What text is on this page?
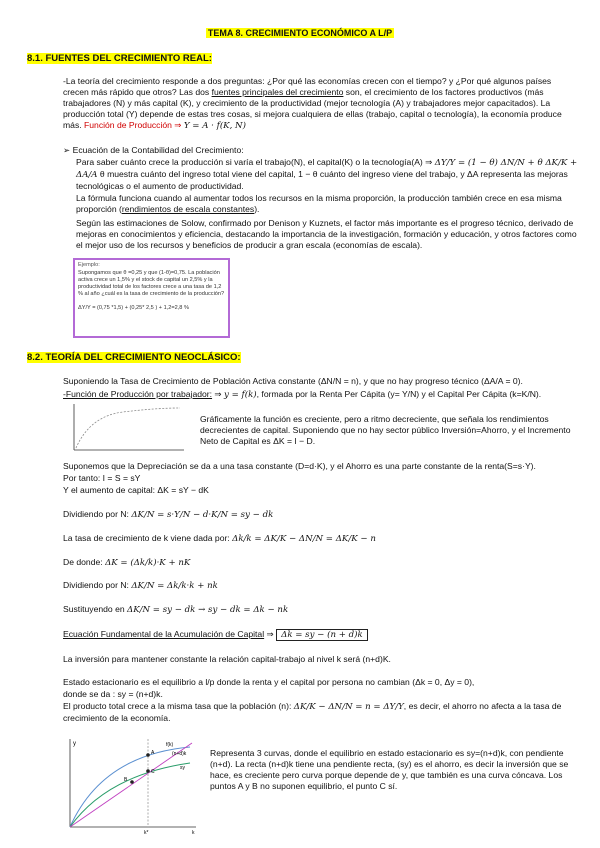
TEMA 8. CRECIMIENTO ECONÓMICO A L/P
8.1. FUENTES DEL CRECIMIENTO REAL:

-La teoría del crecimiento responde a dos preguntas: ¿Por qué las economías crecen con el tiempo? y ¿Por qué algunos países crecen más rápido que otros? Las dos fuentes principales del crecimiento son, el crecimiento de los factores productivos (más trabajadores (N) y más capital (K), y crecimiento de la productividad (mejor tecnología (A) y trabajadores mejor capacitados). La producción total (Y) depende de estas tres cosas, si mejora cualquiera de ellas (trabajo, capital o tecnología), la economía produce más. Función de Producción ⇒ Y = A · f(K, N)

➢ Ecuación de la Contabilidad del Crecimiento:
Para saber cuánto crece la producción si varía el trabajo(N), el capital(K) o la tecnología(A) ⇒ ΔY/Y = (1 − θ) ΔN/N + θ ΔK/K + ΔA/A θ muestra cuánto del ingreso total viene del capital, 1 − θ cuánto del ingreso viene del trabajo, y ΔA representa las mejoras tecnológicas o el aumento de productividad.
La fórmula funciona cuando al aumentar todos los recursos en la misma proporción, la producción también crece en esa misma proporción (rendimientos de escala constantes).
Según las estimaciones de Solow, confirmado por Denison y Kuznets, el factor más importante es el progreso técnico, derivado de mejoras en conocimientos y eficiencia, destacando la importancia de la investigación, formación y educación, y otros factores como el mejor uso de los recursos y beneficios de producir a gran escala (economías de escala).
Ejemplo:
Supongamos que θ =0,25 y que (1-θ)=0,75. La población activa crece un 1,5% y el stock de capital un 2,5% y la productividad total de los factores crece a una tasa de 1,2 % al año ¿cuál es la tasa de crecimiento de la producción?
ΔY/Y = (0,75 *1,5) + (0,25* 2,5 ) + 1,2=2,8 %
8.2. TEORÍA DEL CRECIMIENTO NEOCLÁSICO:
Suponiendo la Tasa de Crecimiento de Población Activa constante (ΔN/N = n), y que no hay progreso técnico (ΔA/A = 0).
-Función de Producción por trabajador: ⇒ y = f(k), formada por la Renta Per Cápita (y= Y/N) y el Capital Per Cápita (k=K/N).
Gráficamente la función es creciente, pero a ritmo decreciente, que señala los rendimientos decrecientes de capital. Suponiendo que no hay sector público Inversión=Ahorro, y el Incremento Neto de Capital es ΔK = I − D.
Suponemos que la Depreciación se da a una tasa constante (D=d·K), y el Ahorro es una parte constante de la renta(S=s·Y).
Por tanto: I = S = sY
Y el aumento de capital: ΔK = sY − dK
Dividiendo por N: ΔK/N = s·Y/N − d·K/N = sy − dk
La tasa de crecimiento de k viene dada por: Δk/k = ΔK/K − ΔN/N = ΔK/K − n
De donde: ΔK = (Δk/k)·K + nK
Dividiendo por N: ΔK/N = Δk/k·k + nk
Sustituyendo en ΔK/N = sy − dk → sy − dk = Δk − nk
Ecuación Fundamental de la Acumulación de Capital ⇒ Δk = sy − (n + d)k
La inversión para mantener constante la relación capital-trabajo al nivel k será (n+d)K.
Estado estacionario es el equilibrio a l/p donde la renta y el capital por persona no cambian (Δk = 0, Δy = 0),
donde se da : sy = (n+d)k.
El producto total crece a la misma tasa que la población (n): ΔK/K − ΔN/N = n = ΔY/Y, es decir, el ahorro no afecta a la tasa de crecimiento de la economía.
y	f(k)
(n+d)k
sy
A
B
C
k*	k
Representa 3 curvas, donde el equilibrio en estado estacionario es sy=(n+d)k, con pendiente (n+d). La recta (n+d)k tiene una pendiente recta, (sy) es el ahorro, es decir la inversión que se hace, es creciente pero curva porque depende de y, que también es una curva cóncava. Los puntos A y B no suponen equilibrio, el punto C sí.
